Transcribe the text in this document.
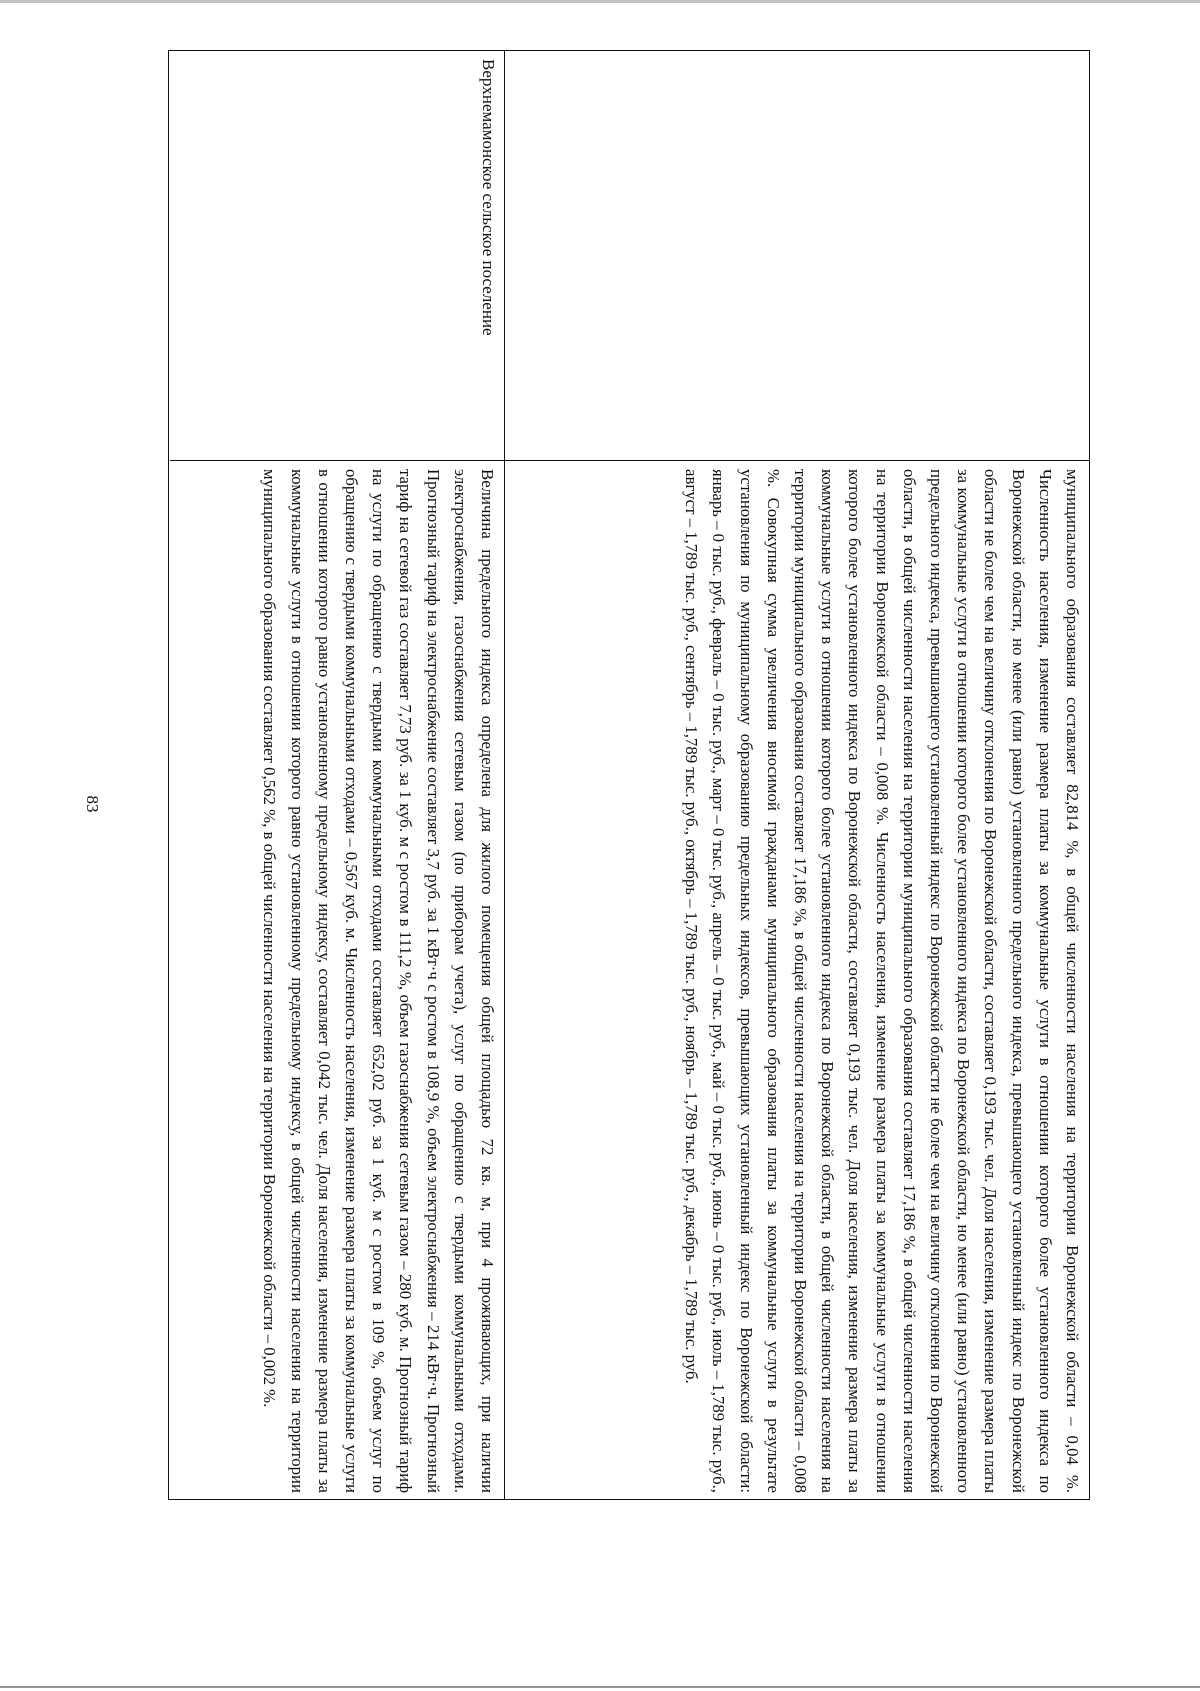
83	муниципального образования составляет 82,814 %, в общей численности населения на территории Воронежской области – 0,04 %. Численность населения, изменение размера платы за коммунальные услуги в отношении которого более установленного индекса по Воронежской области, но менее (или равно) установленного предельного индекса, превышающего установленный индекс по Воронежской области не более чем на величину отклонения по Воронежской области, составляет 0,193 тыс. чел. Доля населения, изменение размера платы за коммунальные услуги в отношении которого более установленного индекса по Воронежской области, но менее (или равно) установленного предельного индекса, превышающего установленный индекс по Воронежской области не более чем на величину отклонения по Воронежской области, в общей численности населения на территории муниципального образования составляет 17,186 %, в общей численности населения на территории Воронежской области – 0,008 %. Численность населения, изменение размера платы за коммунальные услуги в отношении которого более установленного индекса по Воронежской области, составляет 0,193 тыс. чел. Доля населения, изменение размера платы за коммунальные услуги в отношении которого более установленного индекса по Воронежской области, в общей численности населения на территории муниципального образования составляет 17,186 %, в общей численности населения на территории Воронежской области – 0,008 %. Совокупная сумма увеличения вносимой гражданами муниципального образования платы за коммунальные услуги в результате установления по муниципальному образованию предельных индексов, превышающих установленный индекс по Воронежской области: январь – 0 тыс. руб., февраль – 0 тыс. руб., март – 0 тыс. руб., апрель – 0 тыс. руб., май – 0 тыс. руб., июнь – 0 тыс. руб., июль – 1,789 тыс. руб., август – 1,789 тыс. руб., сентябрь – 1,789 тыс. руб., октябрь – 1,789 тыс. руб., ноябрь – 1,789 тыс. руб., декабрь – 1,789 тыс. руб.
Верхнемамонское сельское поселение
Величина предельного индекса определена для жилого помещения общей площадью 72 кв. м, при 4 проживающих, при наличии электроснабжения, газоснабжения сетевым газом (по приборам учета), услуг по обращению с твердыми коммунальными отходами. Прогнозный тариф на электроснабжение составляет 3,7 руб. за 1 кВт·ч с ростом в 108,9 %, объем электроснабжения – 214 кВт·ч. Прогнозный тариф на сетевой газ составляет 7,73 руб. за 1 куб. м с ростом в 111,2 %, объем газоснабжения сетевым газом – 280 куб. м. Прогнозный тариф на услуги по обращению с твердыми коммунальными отходами составляет 652,02 руб. за 1 куб. м с ростом в 109 %, объем услуг по обращению с твердыми коммунальными отходами – 0,567 куб. м. Численность населения, изменение размера платы за коммунальные услуги в отношении которого равно установленному предельному индексу, составляет 0,042 тыс. чел. Доля населения, изменение размера платы за коммунальные услуги в отношении которого равно установленному предельному индексу, в общей численности населения на территории муниципального образования составляет 0,562 %, в общей численности населения на территории Воронежской области – 0,002 %.
